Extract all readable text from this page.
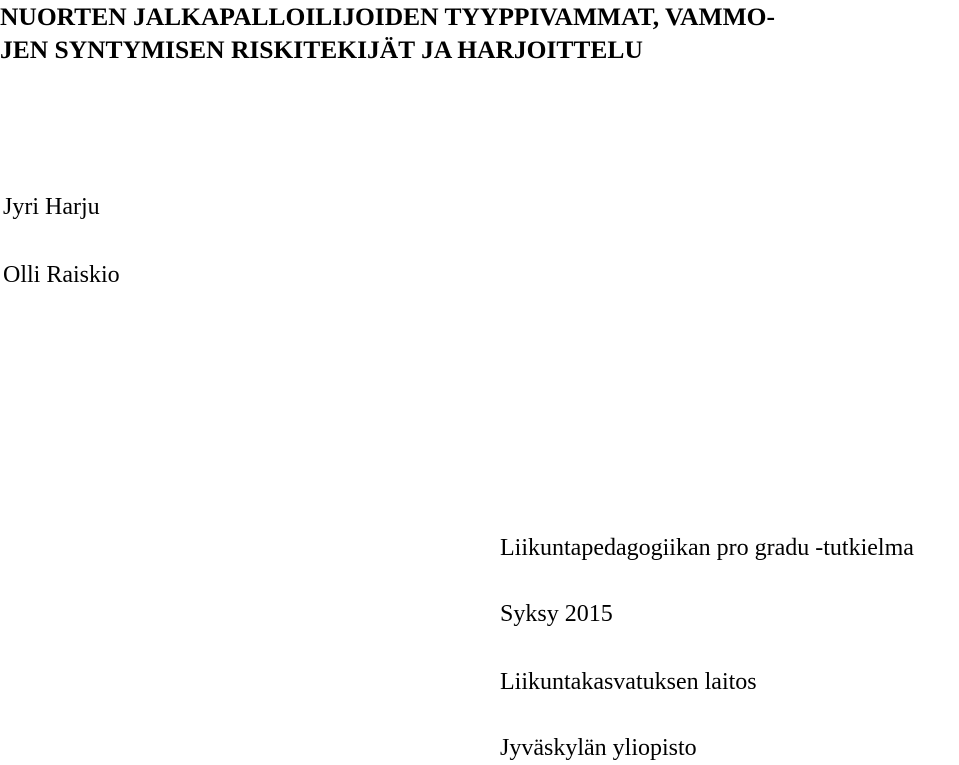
NUORTEN JALKAPALLOILIJOIDEN TYYPPIVAMMAT, VAMMO-
JEN SYNTYMISEN RISKITEKIJÄT JA HARJOITTELU
Jyri Harju
Olli Raiskio
Liikuntapedagogiikan pro gradu -tutkielma
Syksy 2015
Liikuntakasvatuksen laitos
Jyväskylän yliopisto
